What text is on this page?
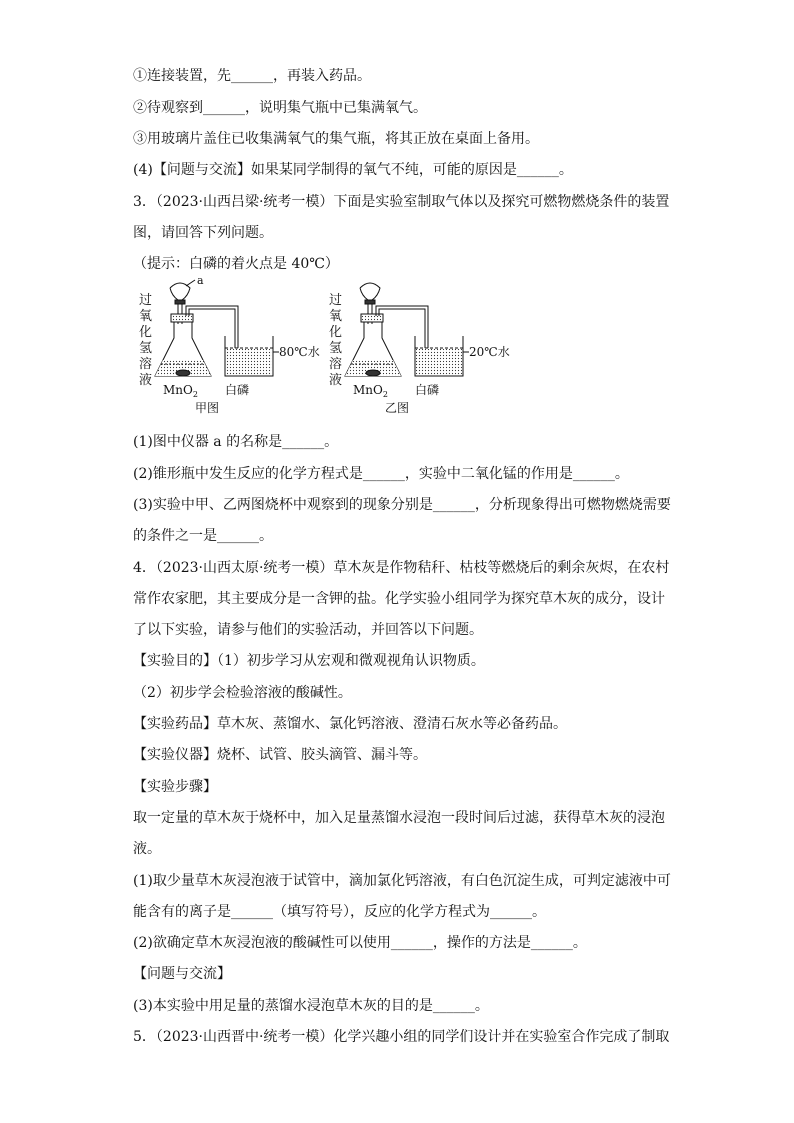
①连接装置，先______，再装入药品。
②待观察到______，说明集气瓶中已集满氧气。
③用玻璃片盖住已收集满氧气的集气瓶，将其正放在桌面上备用。
(4)【问题与交流】如果某同学制得的氧气不纯，可能的原因是______。
3．（2023·山西吕梁·统考一模）下面是实验室制取气体以及探究可燃物燃烧条件的装置
图，请回答下列问题。
（提示：白磷的着火点是 40℃）
过
氧
化
氢
溶
液
a
80℃水
MnO$_2$ 白磷
甲图
过
氧
化
氢
溶
液
20℃水
MnO$_2$ 白磷
乙图
(1)图中仪器 a 的名称是______。
(2)锥形瓶中发生反应的化学方程式是______，实验中二氧化锰的作用是______。
(3)实验中甲、乙两图烧杯中观察到的现象分别是______，分析现象得出可燃物燃烧需要
的条件之一是______。
4．（2023·山西太原·统考一模）草木灰是作物秸秆、枯枝等燃烧后的剩余灰烬，在农村
常作农家肥，其主要成分是一含钾的盐。化学实验小组同学为探究草木灰的成分，设计
了以下实验，请参与他们的实验活动，并回答以下问题。
【实验目的】（1）初步学习从宏观和微观视角认识物质。
（2）初步学会检验溶液的酸碱性。
【实验药品】草木灰、蒸馏水、氯化钙溶液、澄清石灰水等必备药品。
【实验仪器】烧杯、试管、胶头滴管、漏斗等。
【实验步骤】
取一定量的草木灰于烧杯中，加入足量蒸馏水浸泡一段时间后过滤，获得草木灰的浸泡
液。
(1)取少量草木灰浸泡液于试管中，滴加氯化钙溶液，有白色沉淀生成，可判定滤液中可
能含有的离子是______（填写符号），反应的化学方程式为______。
(2)欲确定草木灰浸泡液的酸碱性可以使用______，操作的方法是______。
【问题与交流】
(3)本实验中用足量的蒸馏水浸泡草木灰的目的是______。
5．（2023·山西晋中·统考一模）化学兴趣小组的同学们设计并在实验室合作完成了制取
